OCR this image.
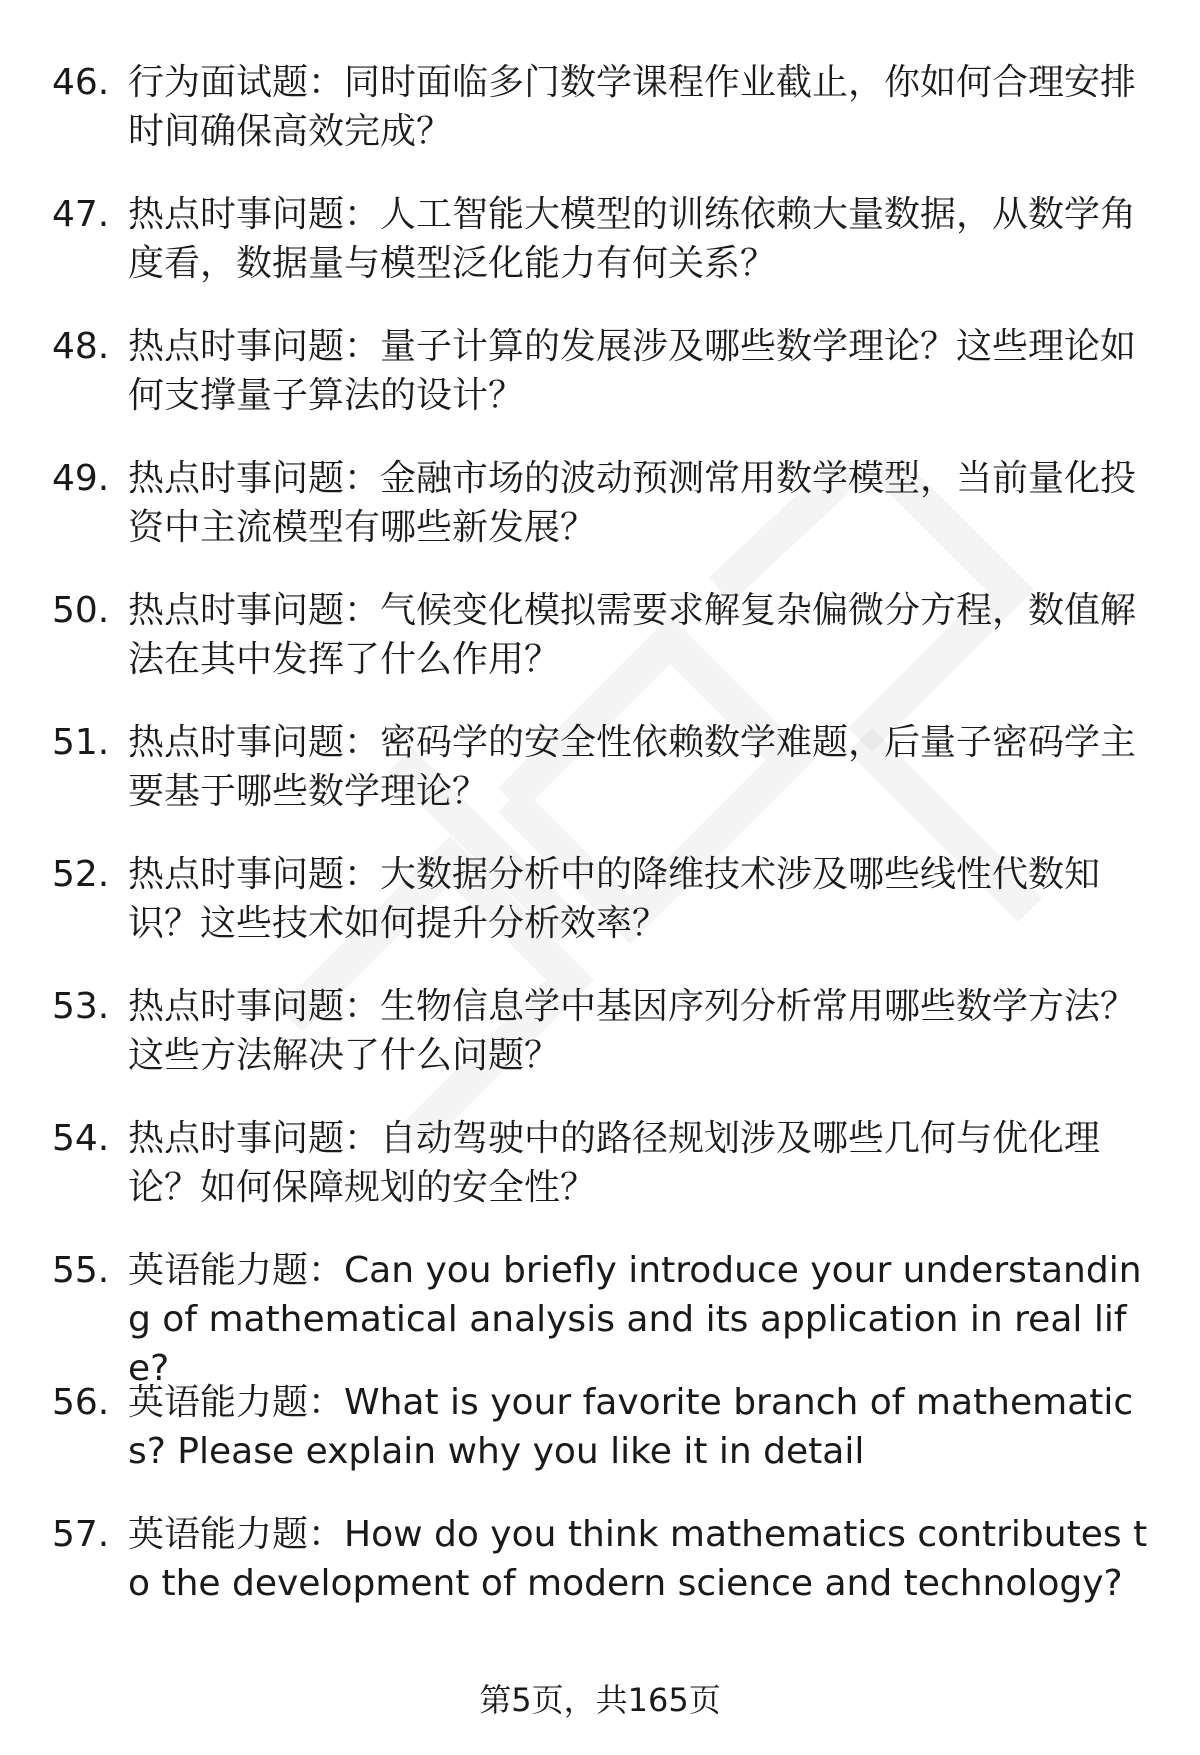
46. 行为面试题：同时面临多门数学课程作业截止，你如何合理安排时间确保高效完成？
47. 热点时事问题：人工智能大模型的训练依赖大量数据，从数学角度看，数据量与模型泛化能力有何关系？
48. 热点时事问题：量子计算的发展涉及哪些数学理论？这些理论如何支撑量子算法的设计？
49. 热点时事问题：金融市场的波动预测常用数学模型，当前量化投资中主流模型有哪些新发展？
50. 热点时事问题：气候变化模拟需要求解复杂偏微分方程，数值解法在其中发挥了什么作用？
51. 热点时事问题：密码学的安全性依赖数学难题，后量子密码学主要基于哪些数学理论？
52. 热点时事问题：大数据分析中的降维技术涉及哪些线性代数知识？这些技术如何提升分析效率？
53. 热点时事问题：生物信息学中基因序列分析常用哪些数学方法？这些方法解决了什么问题？
54. 热点时事问题：自动驾驶中的路径规划涉及哪些几何与优化理论？如何保障规划的安全性？
55. 英语能力题：Can you briefly introduce your understanding of mathematical analysis and its application in real life?
56. 英语能力题：What is your favorite branch of mathematics? Please explain why you like it in detail
57. 英语能力题：How do you think mathematics contributes to the development of modern science and technology?
第5页，共165页
